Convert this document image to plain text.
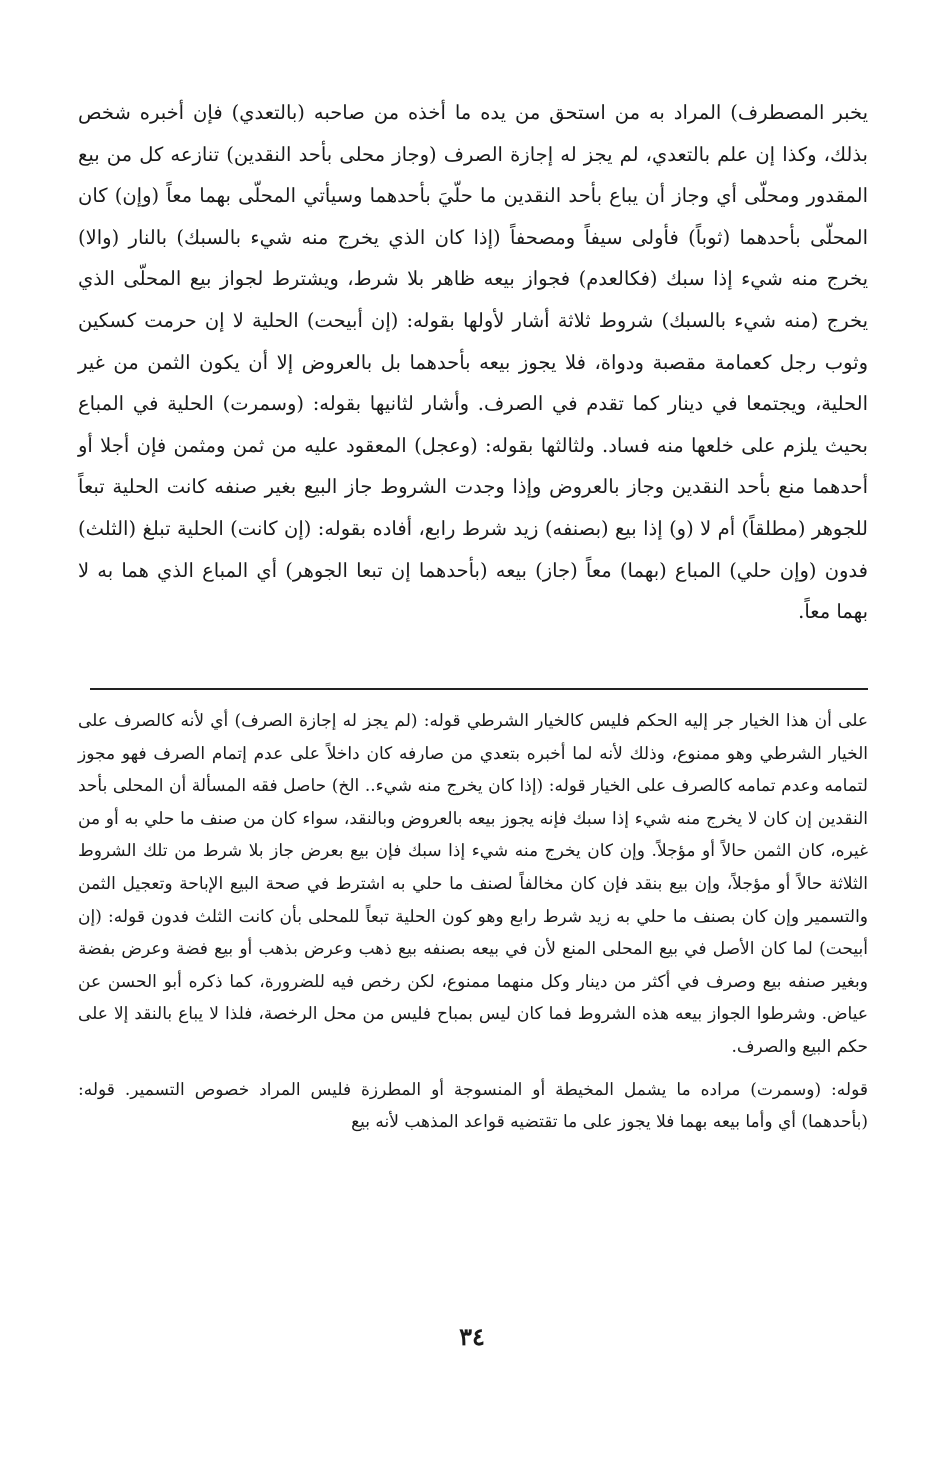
يخبر المصطرف) المراد به من استحق من يده ما أخذه من صاحبه (بالتعدي) فإن أخبره شخص بذلك، وكذا إن علم بالتعدي، لم يجز له إجازة الصرف (وجاز محلى بأحد النقدين) تنازعه كل من بيع المقدور ومحلّى أي وجاز أن يباع بأحد النقدين ما حلّيَ بأحدهما وسيأتي المحلّى بهما معاً (وإن) كان المحلّى بأحدهما (ثوباً) فأولى سيفاً ومصحفاً (إذا كان الذي يخرج منه شيء بالسبك) بالنار (والا) يخرج منه شيء إذا سبك (فكالعدم) فجواز بيعه ظاهر بلا شرط، ويشترط لجواز بيع المحلّى الذي يخرج (منه شيء بالسبك) شروط ثلاثة أشار لأولها بقوله: (إن أبيحت) الحلية لا إن حرمت كسكين وثوب رجل كعمامة مقصبة ودواة، فلا يجوز بيعه بأحدهما بل بالعروض إلا أن يكون الثمن من غير الحلية، ويجتمعا في دينار كما تقدم في الصرف. وأشار لثانيها بقوله: (وسمرت) الحلية في المباع بحيث يلزم على خلعها منه فساد. ولثالثها بقوله: (وعجل) المعقود عليه من ثمن ومثمن فإن أجلا أو أحدهما منع بأحد النقدين وجاز بالعروض وإذا وجدت الشروط جاز البيع بغير صنفه كانت الحلية تبعاً للجوهر (مطلقاً) أم لا (و) إذا بيع (بصنفه) زيد شرط رابع، أفاده بقوله: (إن كانت) الحلية تبلغ (الثلث) فدون (وإن حلي) المباع (بهما) معاً (جاز) بيعه (بأحدهما إن تبعا الجوهر) أي المباع الذي هما به لا بهما معاً.

على أن هذا الخيار جر إليه الحكم فليس كالخيار الشرطي قوله: (لم يجز له إجازة الصرف) أي لأنه كالصرف على الخيار الشرطي وهو ممنوع، وذلك لأنه لما أخبره بتعدي من صارفه كان داخلاً على عدم إتمام الصرف فهو مجوز لتمامه وعدم تمامه كالصرف على الخيار قوله: (إذا كان يخرج منه شيء.. الخ) حاصل فقه المسألة أن المحلى بأحد النقدين إن كان لا يخرج منه شيء إذا سبك فإنه يجوز بيعه بالعروض وبالنقد، سواء كان من صنف ما حلي به أو من غيره، كان الثمن حالاً أو مؤجلاً. وإن كان يخرج منه شيء إذا سبك فإن بيع بعرض جاز بلا شرط من تلك الشروط الثلاثة حالاً أو مؤجلاً، وإن بيع بنقد فإن كان مخالفاً لصنف ما حلي به اشترط في صحة البيع الإباحة وتعجيل الثمن والتسمير وإن كان بصنف ما حلي به زيد شرط رابع وهو كون الحلية تبعاً للمحلى بأن كانت الثلث فدون قوله: (إن أبيحت) لما كان الأصل في بيع المحلى المنع لأن في بيعه بصنفه بيع ذهب وعرض بذهب أو بيع فضة وعرض بفضة وبغير صنفه بيع وصرف في أكثر من دينار وكل منهما ممنوع، لكن رخص فيه للضرورة، كما ذكره أبو الحسن عن عياض. وشرطوا الجواز بيعه هذه الشروط فما كان ليس بمباح فليس من محل الرخصة، فلذا لا يباع بالنقد إلا على حكم البيع والصرف.

قوله: (وسمرت) مراده ما يشمل المخيطة أو المنسوجة أو المطرزة فليس المراد خصوص التسمير. قوله: (بأحدهما) أي وأما بيعه بهما فلا يجوز على ما تقتضيه قواعد المذهب لأنه بيع

٣٤
